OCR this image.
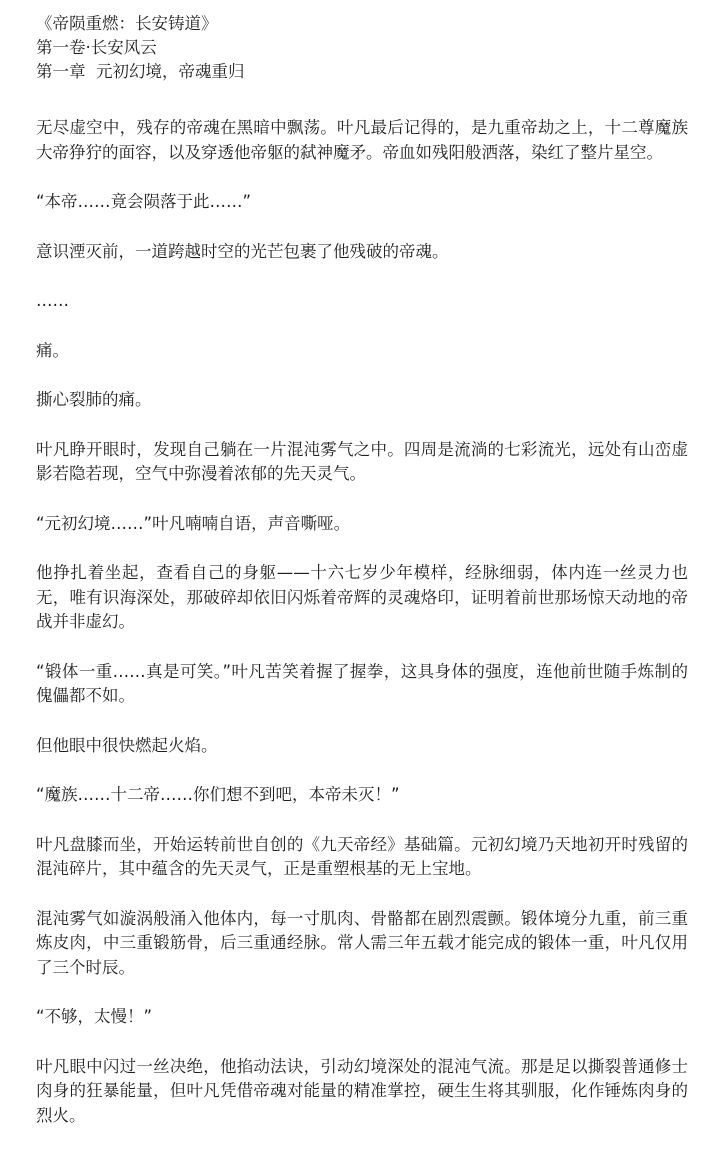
《帝陨重燃：长安铸道》

第一卷·长安风云

第一章  元初幻境，帝魂重归

无尽虚空中，残存的帝魂在黑暗中飘荡。叶凡最后记得的，是九重帝劫之上，十二尊魔族大帝狰狞的面容，以及穿透他帝躯的弑神魔矛。帝血如残阳般洒落，染红了整片星空。

“本帝……竟会陨落于此……”

意识湮灭前，一道跨越时空的光芒包裹了他残破的帝魂。

……

痛。

撕心裂肺的痛。

叶凡睁开眼时，发现自己躺在一片混沌雾气之中。四周是流淌的七彩流光，远处有山峦虚影若隐若现，空气中弥漫着浓郁的先天灵气。

“元初幻境……”叶凡喃喃自语，声音嘶哑。

他挣扎着坐起，查看自己的身躯——十六七岁少年模样，经脉细弱，体内连一丝灵力也无，唯有识海深处，那破碎却依旧闪烁着帝辉的灵魂烙印，证明着前世那场惊天动地的帝战并非虚幻。

“锻体一重……真是可笑。”叶凡苦笑着握了握拳，这具身体的强度，连他前世随手炼制的傀儡都不如。

但他眼中很快燃起火焰。

“魔族……十二帝……你们想不到吧，本帝未灭！”

叶凡盘膝而坐，开始运转前世自创的《九天帝经》基础篇。元初幻境乃天地初开时残留的混沌碎片，其中蕴含的先天灵气，正是重塑根基的无上宝地。

混沌雾气如漩涡般涌入他体内，每一寸肌肉、骨骼都在剧烈震颤。锻体境分九重，前三重炼皮肉，中三重锻筋骨，后三重通经脉。常人需三年五载才能完成的锻体一重，叶凡仅用了三个时辰。

“不够，太慢！”

叶凡眼中闪过一丝决绝，他掐动法诀，引动幻境深处的混沌气流。那是足以撕裂普通修士肉身的狂暴能量，但叶凡凭借帝魂对能量的精准掌控，硬生生将其驯服，化作锤炼肉身的烈火。
